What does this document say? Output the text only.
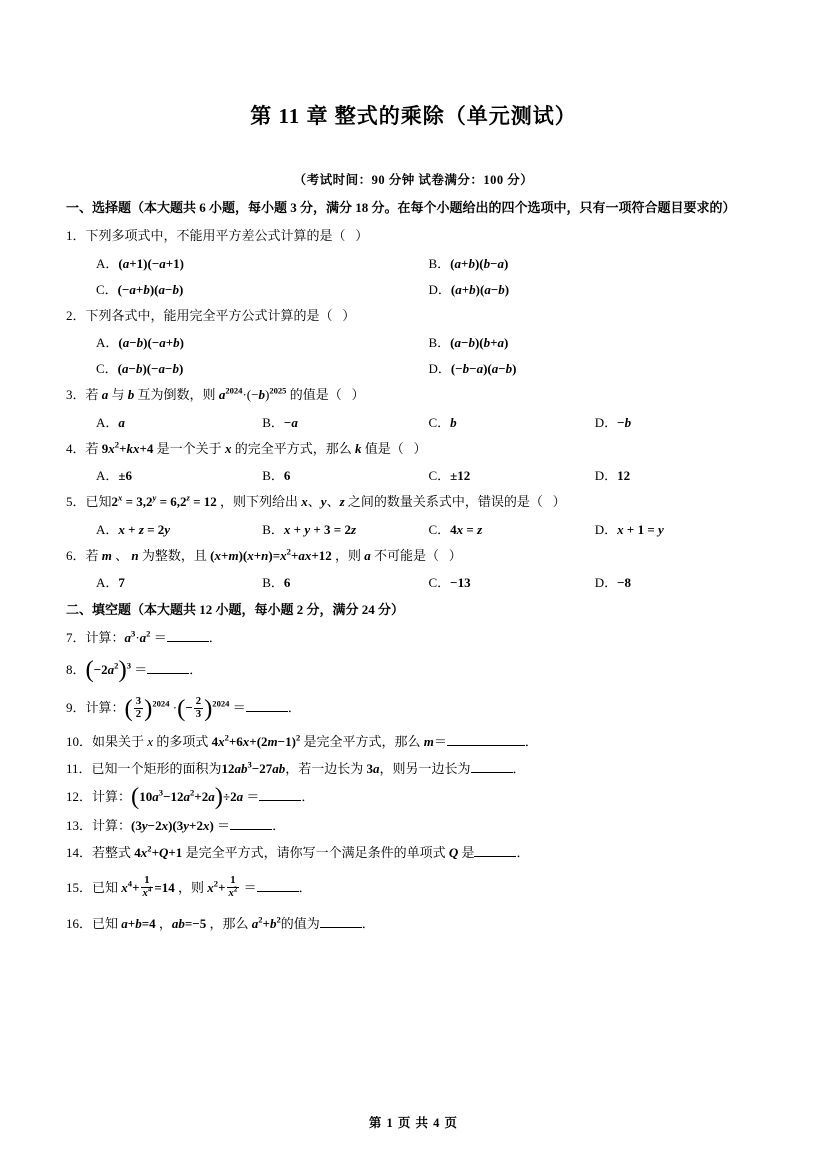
第 11 章 整式的乘除（单元测试）
（考试时间：90 分钟 试卷满分：100 分）
一、选择题（本大题共 6 小题，每小题 3 分，满分 18 分。在每个小题给出的四个选项中，只有一项符合题目要求的）
1．下列多项式中，不能用平方差公式计算的是（   ）
A．(a+1)(−a+1)	B．(a+b)(b−a)
C．(−a+b)(a−b)	D．(a+b)(a−b)
2．下列各式中，能用完全平方公式计算的是（   ）
A．(a−b)(−a+b)	B．(a−b)(b+a)
C．(a−b)(−a−b)	D．(−b−a)(a−b)
3．若 a 与 b 互为倒数，则 $a^{2024}\cdot(-b)^{2025}$ 的值是（   ）
A．a	B．−a	C．b	D．−b
4．若 $9x^2+kx+4$ 是一个关于 x 的完全平方式，那么 k 值是（   ）
A．±6	B．6	C．±12	D．12
5．已知$2^x = 3,2^y = 6,2^z = 12$ ，则下列给出 x、y、z 之间的数量关系式中，错误的是（   ）
A．x + z = 2y	B．x + y + 3 = 2z	C．4x = z	D．x + 1 = y
6．若 m 、 n 为整数，且 $(x+m)(x+n)=x^2+ax+12$ ，则 a 不可能是（   ）
A．7	B．6	C．−13	D．−8
二、填空题（本大题共 12 小题，每小题 2 分，满分 24 分）
7．计算：$a^3\cdot a^2$ ＝	．
8．$(-2a^2)^3$ ＝	．
9．计算：( $\frac{3}{2} )^{2024}$ ·(− $\frac{2}{3} )^{2024}$ ＝	．
10．如果关于 x 的多项式 $4x^2+6x+(2m-1)^2$ 是完全平方式，那么 m＝	．
11．已知一个矩形的面积为$12ab^3-27ab$，若一边长为 3a，则另一边长为	．
12．计算：$(10a^3-12a^2+2a)\div 2a$ ＝	．
13．计算：(3y−2x)(3y+2x) ＝	．
14．若整式 $4x^2+Q+1$ 是完全平方式，请你写一个满足条件的单项式 Q 是	．
15．已知 $x^4+ \frac{1}{x^4} =14$ ，则 $x^2+ \frac{1}{x^2}$ ＝	．
16．已知 a+b=4 ，ab=−5 ，那么 $a^2+b^2$的值为	．
第 1 页 共 4 页
